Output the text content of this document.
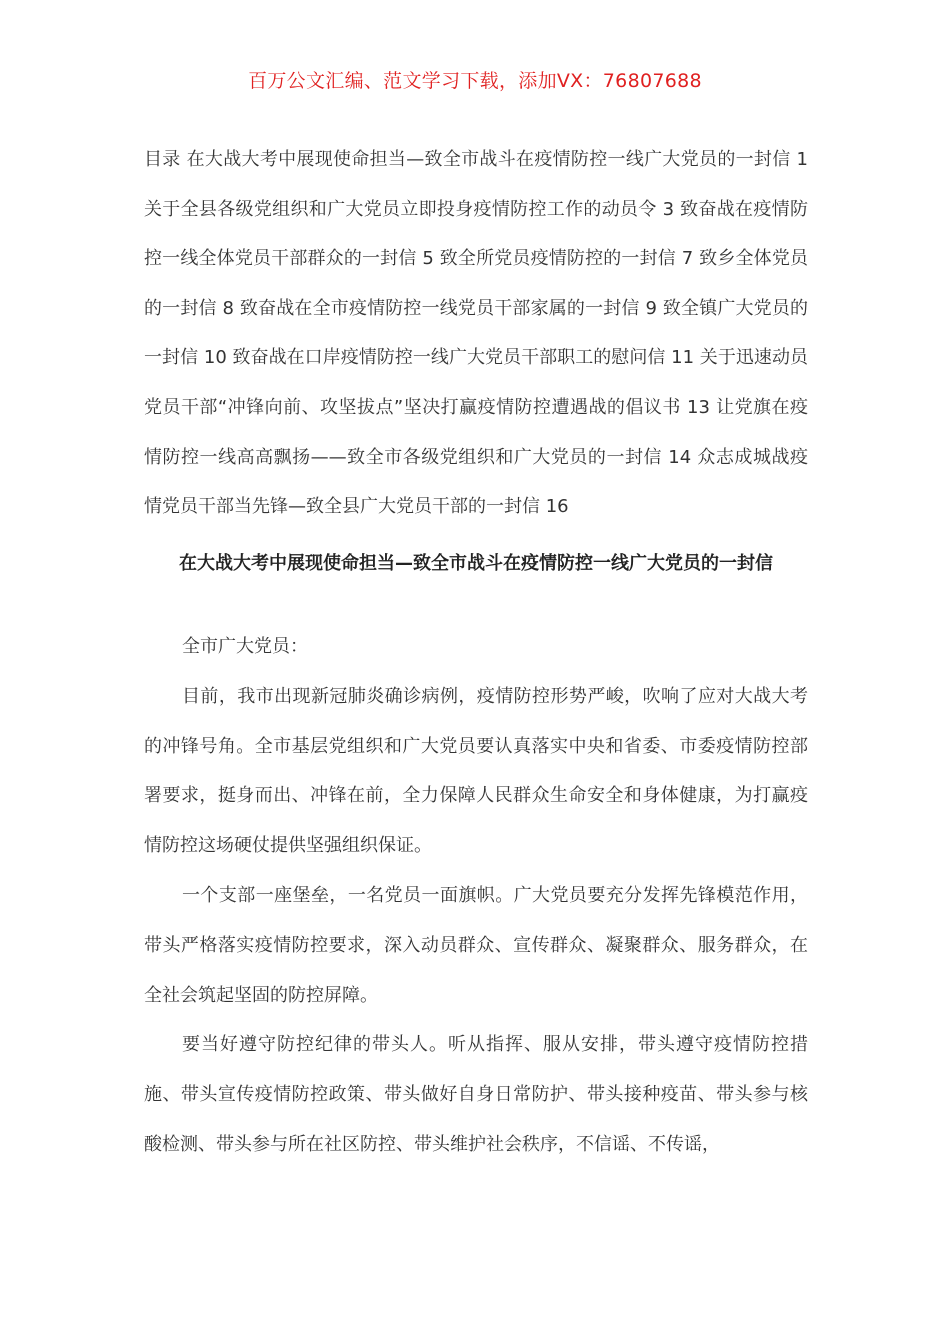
百万公文汇编、范文学习下载，添加VX：76807688

目录 在大战大考中展现使命担当—致全市战斗在疫情防控一线广大党员的一封信 1 关于全县各级党组织和广大党员立即投身疫情防控工作的动员令 3 致奋战在疫情防控一线全体党员干部群众的一封信 5 致全所党员疫情防控的一封信 7 致乡全体党员的一封信 8 致奋战在全市疫情防控一线党员干部家属的一封信 9 致全镇广大党员的一封信 10 致奋战在口岸疫情防控一线广大党员干部职工的慰问信 11 关于迅速动员党员干部“冲锋向前、攻坚拔点”坚决打赢疫情防控遭遇战的倡议书 13 让党旗在疫情防控一线高高飘扬——致全市各级党组织和广大党员的一封信 14 众志成城战疫情党员干部当先锋—致全县广大党员干部的一封信 16

在大战大考中展现使命担当—致全市战斗在疫情防控一线广大党员的一封信

全市广大党员：

目前，我市出现新冠肺炎确诊病例，疫情防控形势严峻，吹响了应对大战大考的冲锋号角。全市基层党组织和广大党员要认真落实中央和省委、市委疫情防控部署要求，挺身而出、冲锋在前，全力保障人民群众生命安全和身体健康，为打赢疫情防控这场硬仗提供坚强组织保证。

一个支部一座堡垒，一名党员一面旗帜。广大党员要充分发挥先锋模范作用，带头严格落实疫情防控要求，深入动员群众、宣传群众、凝聚群众、服务群众，在全社会筑起坚固的防控屏障。

要当好遵守防控纪律的带头人。听从指挥、服从安排，带头遵守疫情防控措施、带头宣传疫情防控政策、带头做好自身日常防护、带头接种疫苗、带头参与核酸检测、带头参与所在社区防控、带头维护社会秩序，不信谣、不传谣，
